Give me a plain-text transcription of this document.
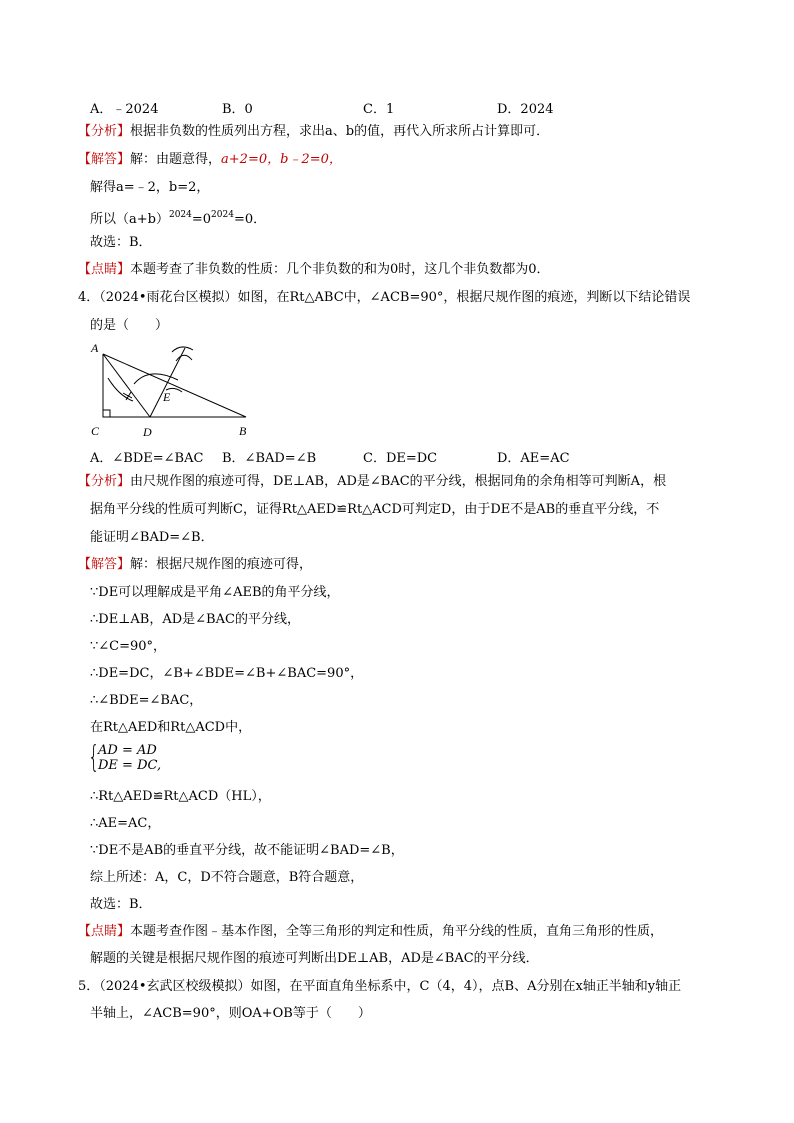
A．﹣2024	B．0	C．1	D．2024
【分析】根据非负数的性质列出方程，求出a、b的值，再代入所求所占计算即可．
【解答】解：由题意得，a+2=0，b﹣2=0，
解得a=﹣2，b=2，
所以$(a+b)^{2024}=0^{2024}=0$．
故选：B．
【点睛】本题考查了非负数的性质：几个非负数的和为0时，这几个非负数都为0．
4．（2024•雨花台区模拟）如图，在Rt△ABC中，∠ACB=90°，根据尺规作图的痕迹，判断以下结论错误
的是（　　）
A
E
C	D	B
A．∠BDE=∠BAC B．∠BAD=∠B	C．DE=DC	D．AE=AC
【分析】由尺规作图的痕迹可得，DE⊥AB，AD是∠BAC的平分线，根据同角的余角相等可判断A，根
据角平分线的性质可判断C，证得Rt△AED≌Rt△ACD可判定D，由于DE不是AB的垂直平分线，不
能证明∠BAD=∠B．
【解答】解：根据尺规作图的痕迹可得，
∵DE可以理解成是平角∠AEB的角平分线，
∴DE⊥AB，AD是∠BAC的平分线，
∵∠C=90°，
∴DE=DC，∠B+∠BDE=∠B+∠BAC=90°，
∴∠BDE=∠BAC，
在Rt△AED和Rt△ACD中，
{
AD = AD
DE = DC,
∴Rt△AED≌Rt△ACD（HL），
∴AE=AC，
∵DE不是AB的垂直平分线，故不能证明∠BAD=∠B，
综上所述：A，C，D不符合题意，B符合题意，
故选：B．
【点睛】本题考查作图﹣基本作图，全等三角形的判定和性质，角平分线的性质，直角三角形的性质，
解题的关键是根据尺规作图的痕迹可判断出DE⊥AB，AD是∠BAC的平分线．
5．（2024•玄武区校级模拟）如图，在平面直角坐标系中，C（4，4），点B、A分别在x轴正半轴和y轴正
半轴上，∠ACB=90°，则OA+OB等于（　　）
